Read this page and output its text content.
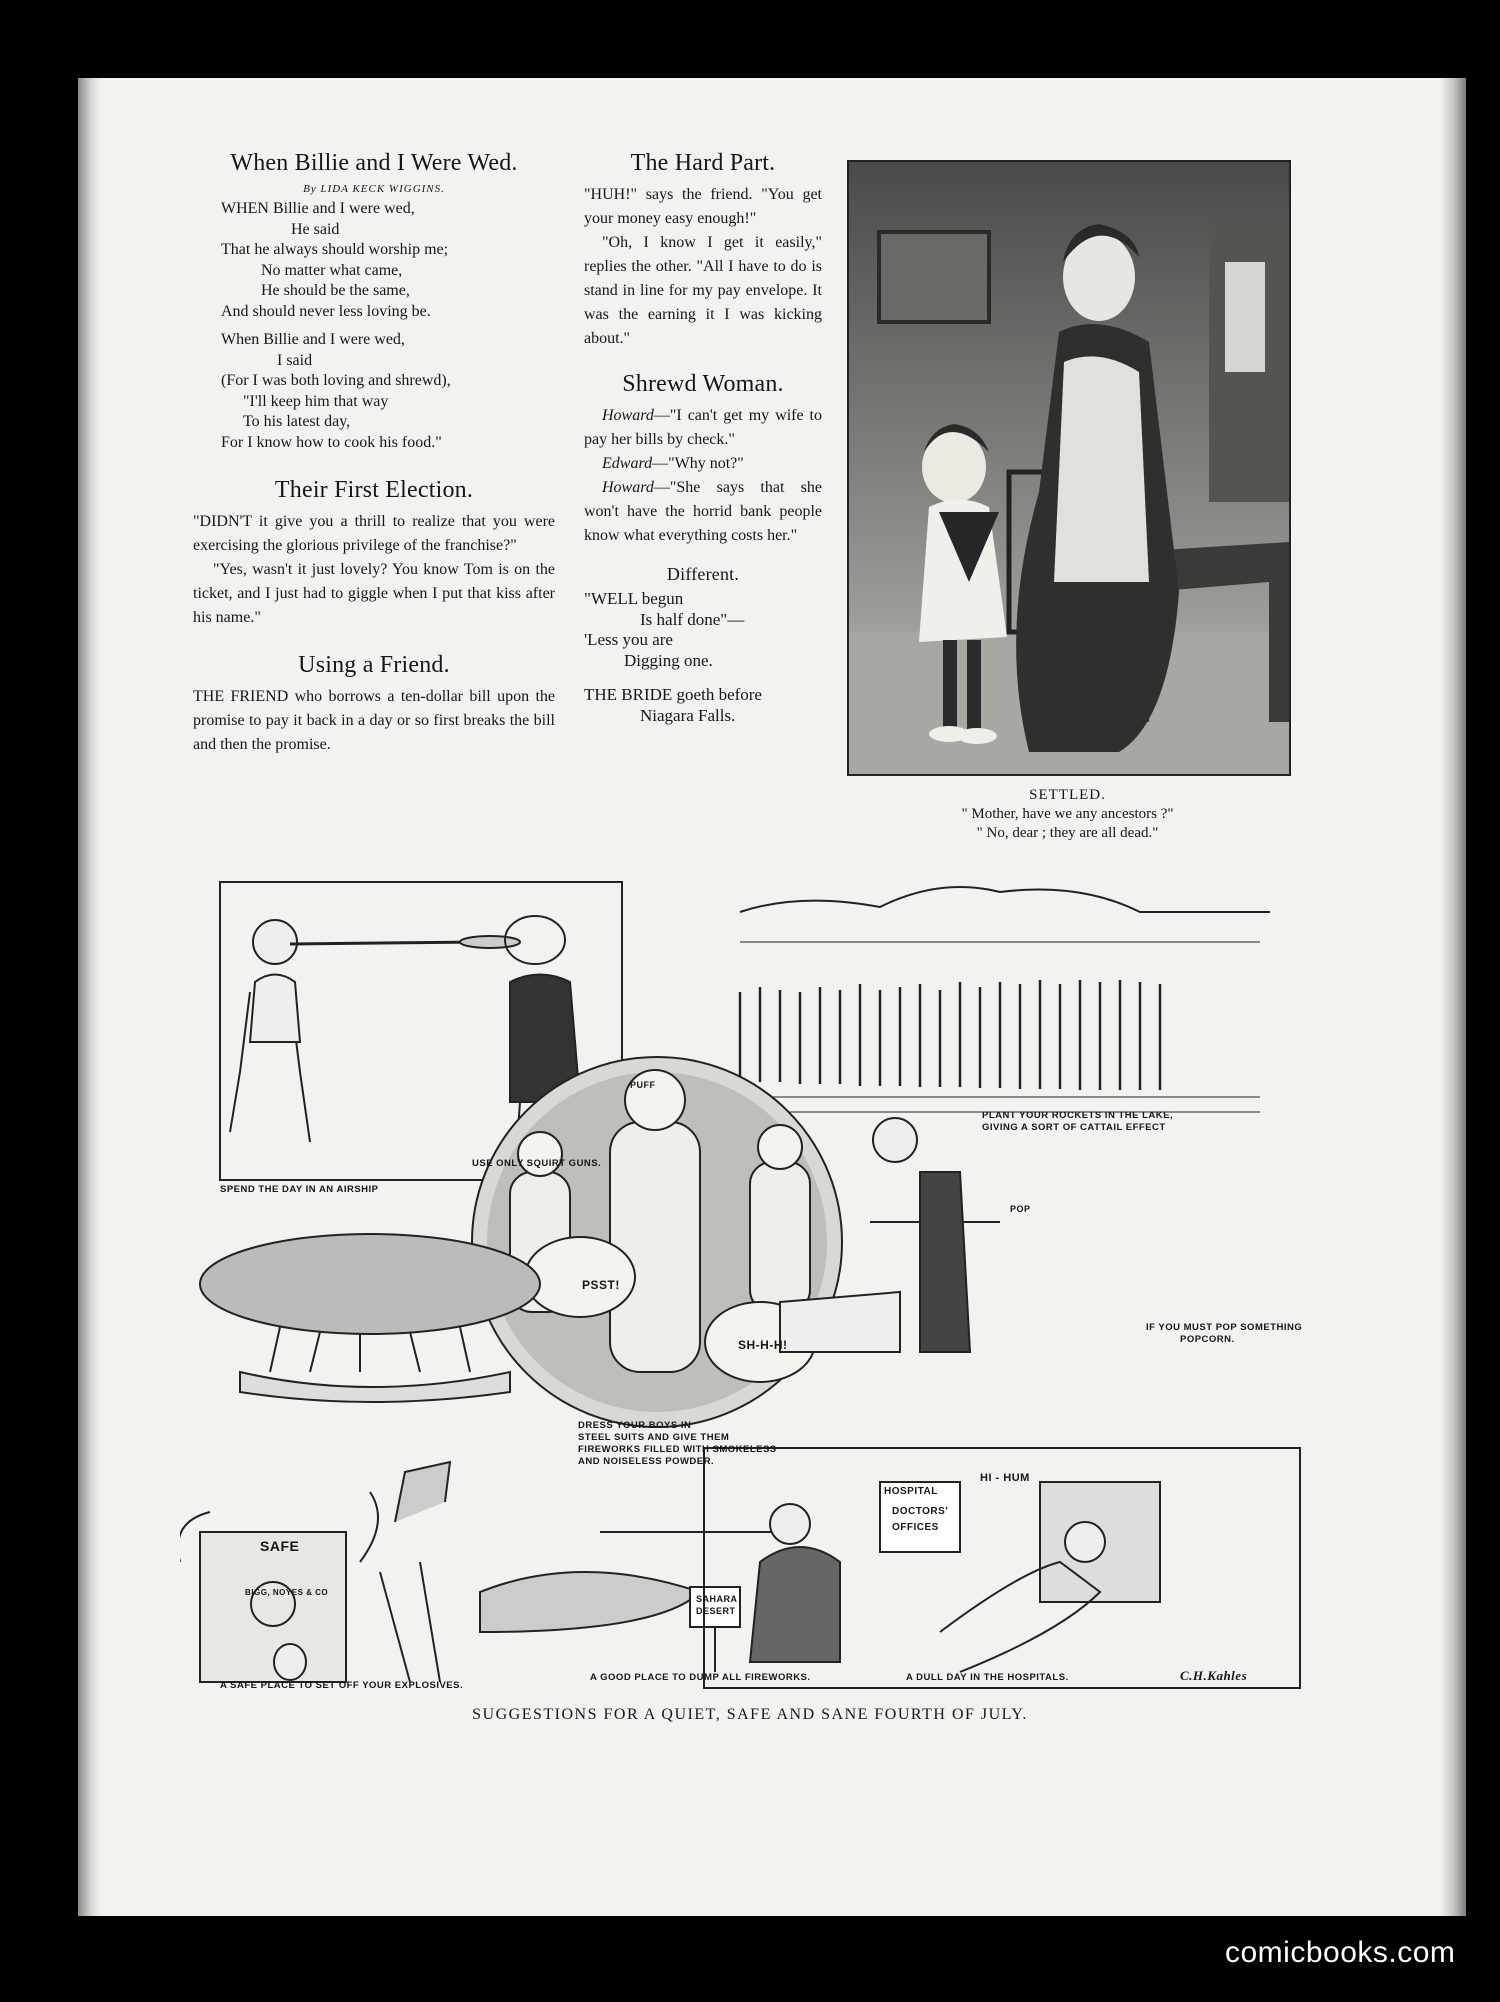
When Billie and I Were Wed.
By LIDA KECK WIGGINS.
WHEN Billie and I were wed,
He said
That he always should worship me;
No matter what came,
He should be the same,
And should never less loving be.
When Billie and I were wed,
I said
(For I was both loving and shrewd),
"I'll keep him that way
To his latest day,
For I know how to cook his food."
Their First Election.

"DIDN'T it give you a thrill to realize that you were exercising the glorious privilege of the franchise?"

"Yes, wasn't it just lovely? You know Tom is on the ticket, and I just had to giggle when I put that kiss after his name."

Using a Friend.

THE FRIEND who borrows a ten-dollar bill upon the promise to pay it back in a day or so first breaks the bill and then the promise.

The Hard Part.

"HUH!" says the friend. "You get your money easy enough!"

"Oh, I know I get it easily," replies the other. "All I have to do is stand in line for my pay envelope. It was the earning it I was kicking about."

Shrewd Woman.

Howard—"I can't get my wife to pay her bills by check."

Edward—"Why not?"

Howard—"She says that she won't have the horrid bank people know what everything costs her."

Different.
"WELL begun
Is half done"—
'Less you are
Digging one.
THE BRIDE goeth before
Niagara Falls.
SETTLED.
" Mother, have we any ancestors ?"
" No, dear ; they are all dead."
USE ONLY SQUIRT GUNS.
SPEND THE DAY IN AN AIRSHIP
PLANT YOUR ROCKETS IN THE LAKE,
GIVING A SORT OF CATTAIL EFFECT
IF YOU MUST POP SOMETHING
POPCORN.
DRESS YOUR BOYS IN
STEEL SUITS AND GIVE THEM
FIREWORKS FILLED WITH SMOKELESS
AND NOISELESS POWDER.
A SAFE PLACE TO SET OFF YOUR EXPLOSIVES.
A GOOD PLACE TO DUMP ALL FIREWORKS.	A DULL DAY IN THE HOSPITALS.
SAFE
BIGG, NOYES & CO
SAHARA
DESERT
HOSPITAL
DOCTORS'
OFFICES
HI - HUM
PSST!
SH-H-H!
PUFF
POP
C.H.Kahles
SUGGESTIONS FOR A QUIET, SAFE AND SANE FOURTH OF JULY.
comicbooks.com
